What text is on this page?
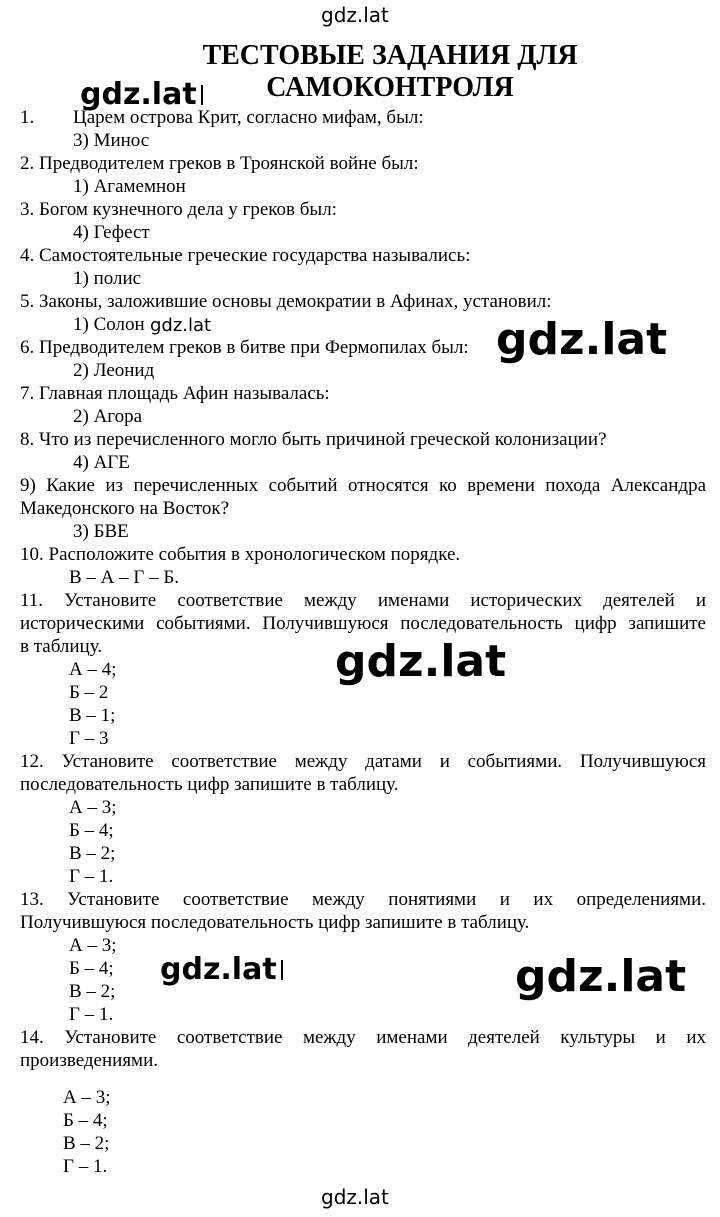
gdz.lat
gdz.lat
gdz.lat	gdz.lat
gdz.lat
gdz.lat	gdz.lat
gdz.lat
ТЕСТОВЫЕ ЗАДАНИЯ ДЛЯ
САМОКОНТРОЛЯ
1. Царем острова Крит, согласно мифам, был:
3) Минос
2. Предводителем греков в Троянской войне был:
1) Агамемнон
3. Богом кузнечного дела у греков был:
4) Гефест
4. Самостоятельные греческие государства назывались:
1) полис
5. Законы, заложившие основы демократии в Афинах, установил:
1) Солон
6. Предводителем греков в битве при Фермопилах был:
2) Леонид
7. Главная площадь Афин называлась:
2) Агора
8. Что из перечисленного могло быть причиной греческой колонизации?
4) АГЕ
9) Какие из перечисленных событий относятся ко времени похода Александра
Македонского на Восток?
3) БВЕ
10. Расположите события в хронологическом порядке.
В – А – Г – Б.
11. Установите соответствие между именами исторических деятелей и
историческими событиями. Получившуюся последовательность цифр запишите
в таблицу.
А – 4;
Б – 2
В – 1;
Г – 3
12. Установите соответствие между датами и событиями. Получившуюся
последовательность цифр запишите в таблицу.
А – 3;
Б – 4;
В – 2;
Г – 1.
13. Установите соответствие между понятиями и их определениями.
Получившуюся последовательность цифр запишите в таблицу.
А – 3;
Б – 4;
В – 2;
Г – 1.
14. Установите соответствие между именами деятелей культуры и их
произведениями.
А – 3;
Б – 4;
В – 2;
Г – 1.
